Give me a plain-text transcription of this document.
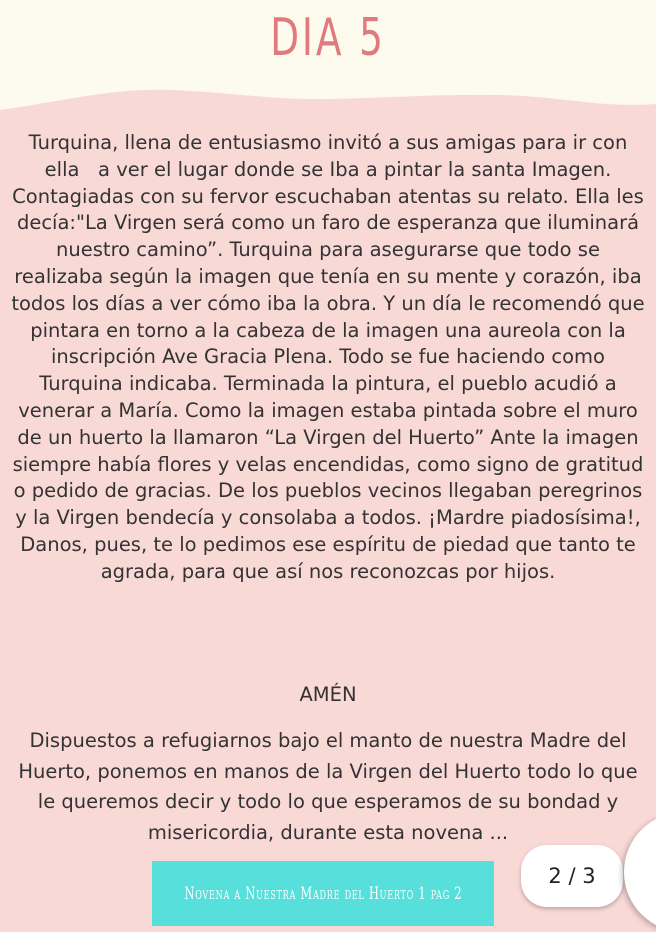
DIA 5

Turquina, llena de entusiasmo invitó a sus amigas para ir con ella   a ver el lugar donde se Iba a pintar la santa Imagen. Contagiadas con su fervor escuchaban atentas su relato. Ella les decía:"La Virgen será como un faro de esperanza que iluminará nuestro camino”. Turquina para asegurarse que todo se realizaba según la imagen que tenía en su mente y corazón, iba todos los días a ver cómo iba la obra. Y un día le recomendó que pintara en torno a la cabeza de la imagen una aureola con la inscripción Ave Gracia Plena. Todo se fue haciendo como Turquina indicaba. Terminada la pintura, el pueblo acudió a venerar a María. Como la imagen estaba pintada sobre el muro de un huerto la llamaron “La Virgen del Huerto” Ante la imagen siempre había flores y velas encendidas, como signo de gratitud o pedido de gracias. De los pueblos vecinos llegaban peregrinos y la Virgen bendecía y consolaba a todos. ¡Mardre piadosísima!, Danos, pues, te lo pedimos ese espíritu de piedad que tanto te agrada, para que así nos reconozcas por hijos.

AMÉN

Dispuestos a refugiarnos bajo el manto de nuestra Madre del Huerto, ponemos en manos de la Virgen del Huerto todo lo que le queremos decir y todo lo que esperamos de su bondad y misericordia, durante esta novena ...

Novena a Nuestra Madre del Huerto 1 pag 2
2 / 3
